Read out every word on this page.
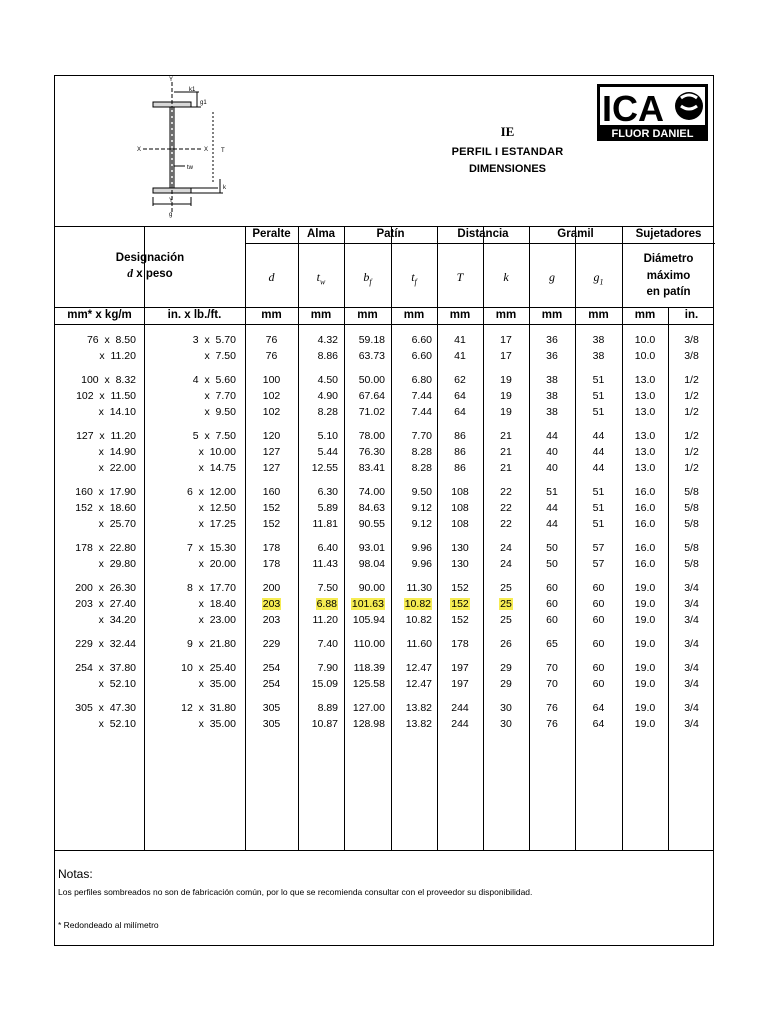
Y
k1
g1
X	X T
tw
k
Y
g
IE
PERFIL I ESTANDAR
DIMENSIONES
ICA
FLUOR DANIEL
Peralte	Alma	Patín	Distancia	Gramil	Sujetadores
Designación
d x peso	d	$t_w$	$b_f$	$t_f$	T	k	g	$g_1$
Diámetro
máximo
en patín
mm* x kg/m	in. x lb./ft.	mm	mm	mm	mm	mm	mm	mm	mm	mm	in.
76  x  8.50	3  x  5.70	76	4.32	59.18	6.60	41	17	36	38	10.0	3/8
x  11.20	x  7.50	76	8.86	63.73	6.60	41	17	36	38	10.0	3/8
100  x  8.32	4  x  5.60	100	4.50	50.00	6.80	62	19	38	51	13.0	1/2
102  x  11.50	x  7.70	102	4.90	67.64	7.44	64	19	38	51	13.0	1/2
x  14.10	x  9.50	102	8.28	71.02	7.44	64	19	38	51	13.0	1/2
127  x  11.20	5  x  7.50	120	5.10	78.00	7.70	86	21	44	44	13.0	1/2
x  14.90	x  10.00	127	5.44	76.30	8.28	86	21	40	44	13.0	1/2
x  22.00	x  14.75	127	12.55	83.41	8.28	86	21	40	44	13.0	1/2
160  x  17.90	6  x  12.00	160	6.30	74.00	9.50	108	22	51	51	16.0	5/8
152  x  18.60	x  12.50	152	5.89	84.63	9.12	108	22	44	51	16.0	5/8
x  25.70	x  17.25	152	11.81	90.55	9.12	108	22	44	51	16.0	5/8
178  x  22.80	7  x  15.30	178	6.40	93.01	9.96	130	24	50	57	16.0	5/8
x  29.80	x  20.00	178	11.43	98.04	9.96	130	24	50	57	16.0	5/8
200  x  26.30	8  x  17.70	200	7.50	90.00	11.30	152	25	60	60	19.0	3/4
203  x  27.40	x  18.40	203	6.88	101.63	10.82	152	25	60	60	19.0	3/4
x  34.20	x  23.00	203	11.20	105.94	10.82	152	25	60	60	19.0	3/4
229  x  32.44	9  x  21.80	229	7.40	110.00	11.60	178	26	65	60	19.0	3/4
254  x  37.80	10  x  25.40	254	7.90	118.39	12.47	197	29	70	60	19.0	3/4
x  52.10	x  35.00	254	15.09	125.58	12.47	197	29	70	60	19.0	3/4
305  x  47.30	12  x  31.80	305	8.89	127.00	13.82	244	30	76	64	19.0	3/4
x  52.10	x  35.00	305	10.87	128.98	13.82	244	30	76	64	19.0	3/4
Notas:
Los perfiles sombreados no son de fabricación común, por lo que se recomienda consultar con el proveedor su disponibilidad.
* Redondeado al milímetro
